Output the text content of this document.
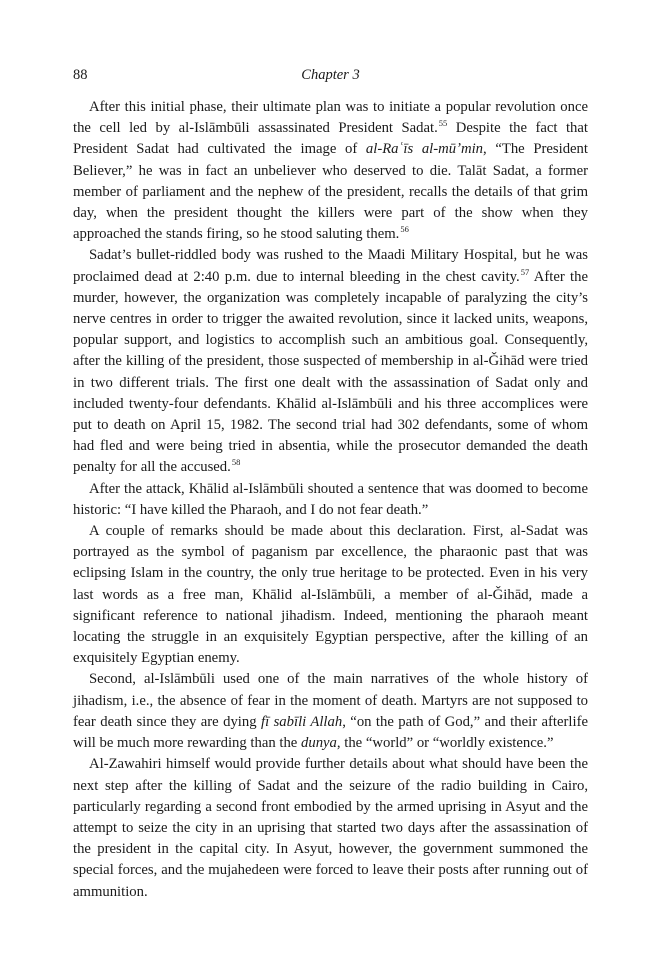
88	Chapter 3

After this initial phase, their ultimate plan was to initiate a popular revolution once the cell led by al-Islāmbūli assassinated President Sadat.$^{55}$ Despite the fact that President Sadat had cultivated the image of al-Raʿīs al-mūʼmin, “The President Believer,” he was in fact an unbeliever who deserved to die. Talāt Sadat, a former member of parliament and the nephew of the president, recalls the details of that grim day, when the president thought the killers were part of the show when they approached the stands firing, so he stood saluting them.$^{56}$

Sadat’s bullet-riddled body was rushed to the Maadi Military Hospital, but he was proclaimed dead at 2:40 p.m. due to internal bleeding in the chest cavity.$^{57}$ After the murder, however, the organization was completely incapable of paralyzing the city’s nerve centres in order to trigger the awaited revolution, since it lacked units, weapons, popular support, and logistics to accomplish such an ambitious goal. Consequently, after the killing of the president, those suspected of membership in al-Ǧihād were tried in two different trials. The first one dealt with the assassination of Sadat only and included twenty-four defendants. Khālid al-Islāmbūli and his three accomplices were put to death on April 15, 1982. The second trial had 302 defendants, some of whom had fled and were being tried in absentia, while the prosecutor demanded the death penalty for all the accused.$^{58}$

After the attack, Khālid al-Islāmbūli shouted a sentence that was doomed to become historic: “I have killed the Pharaoh, and I do not fear death.”

A couple of remarks should be made about this declaration. First, al-Sadat was portrayed as the symbol of paganism par excellence, the pharaonic past that was eclipsing Islam in the country, the only true heritage to be protected. Even in his very last words as a free man, Khālid al-Islāmbūli, a member of al-Ǧihād, made a significant reference to national jihadism. Indeed, mentioning the pharaoh meant locating the struggle in an exquisitely Egyptian perspective, after the killing of an exquisitely Egyptian enemy.

Second, al-Islāmbūli used one of the main narratives of the whole history of jihadism, i.e., the absence of fear in the moment of death. Martyrs are not supposed to fear death since they are dying fī sabīli Allah, “on the path of God,” and their afterlife will be much more rewarding than the dunya, the “world” or “worldly existence.”

Al-Zawahiri himself would provide further details about what should have been the next step after the killing of Sadat and the seizure of the radio building in Cairo, particularly regarding a second front embodied by the armed uprising in Asyut and the attempt to seize the city in an uprising that started two days after the assassination of the president in the capital city. In Asyut, however, the government summoned the special forces, and the mujahedeen were forced to leave their posts after running out of ammunition.
